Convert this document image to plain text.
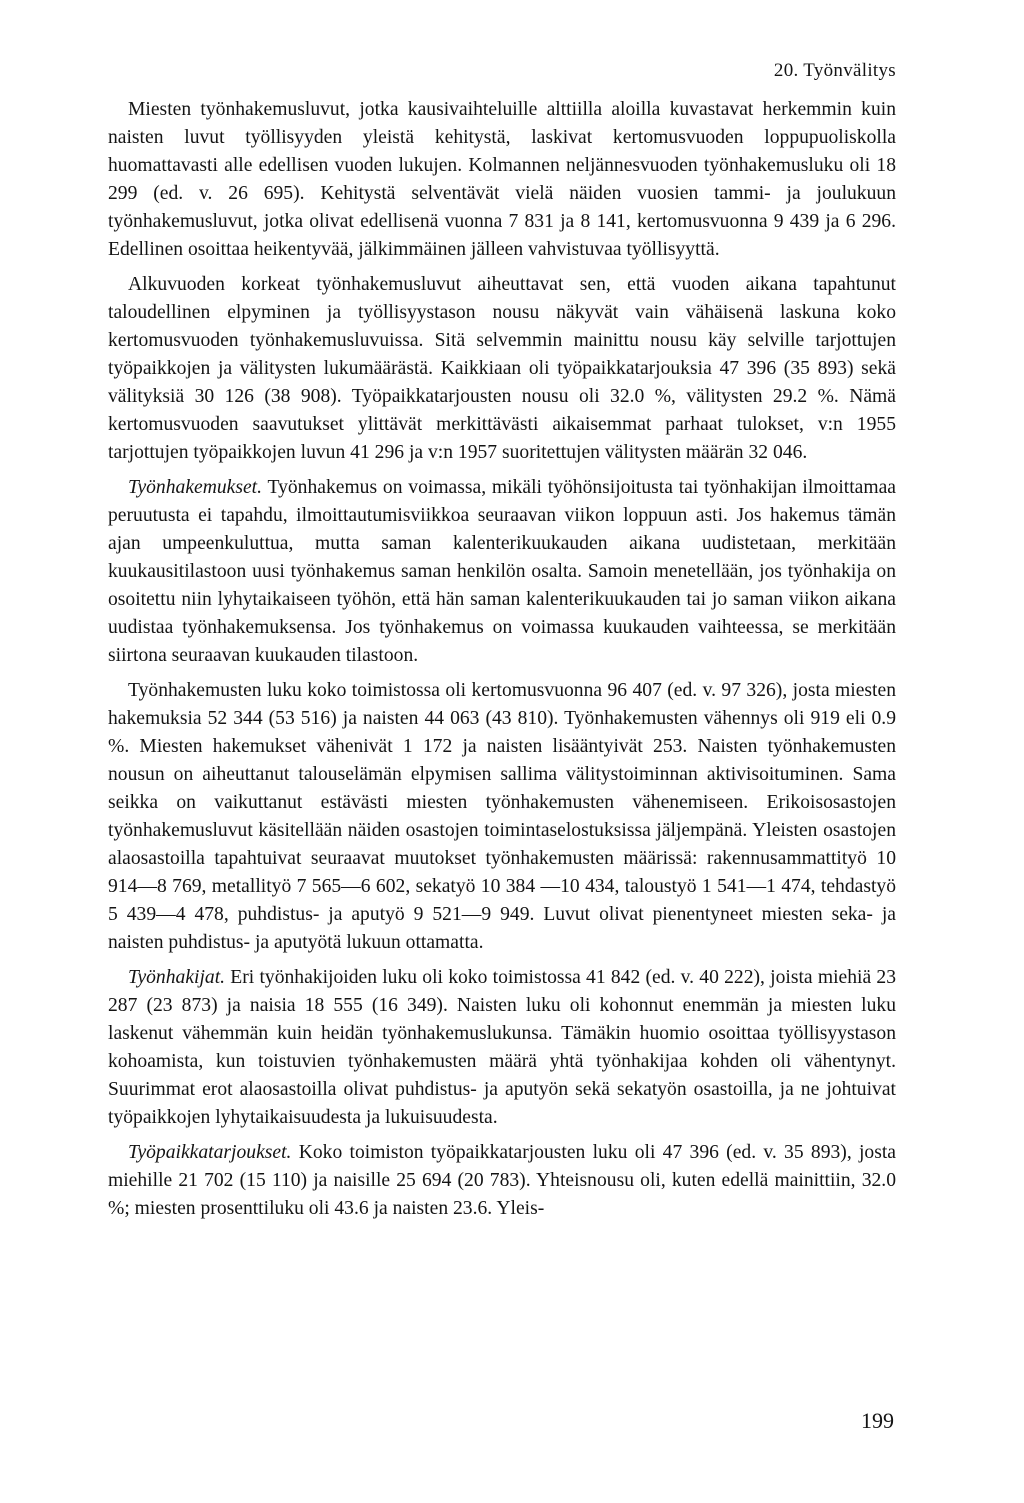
20. Työnvälitys

Miesten työnhakemusluvut, jotka kausivaihteluille alttiilla aloilla kuvastavat herkemmin kuin naisten luvut työllisyyden yleistä kehitystä, laskivat kertomusvuoden loppupuoliskolla huomattavasti alle edellisen vuoden lukujen. Kolmannen neljännesvuoden työnhakemusluku oli 18 299 (ed. v. 26 695). Kehitystä selventävät vielä näiden vuosien tammi- ja joulukuun työnhakemusluvut, jotka olivat edellisenä vuonna 7 831 ja 8 141, kertomusvuonna 9 439 ja 6 296. Edellinen osoittaa heikentyvää, jälkimmäinen jälleen vahvistuvaa työllisyyttä.

Alkuvuoden korkeat työnhakemusluvut aiheuttavat sen, että vuoden aikana tapahtunut taloudellinen elpyminen ja työllisyystason nousu näkyvät vain vähäisenä laskuna koko kertomusvuoden työnhakemusluvuissa. Sitä selvemmin mainittu nousu käy selville tarjottujen työpaikkojen ja välitysten lukumäärästä. Kaikkiaan oli työpaikkatarjouksia 47 396 (35 893) sekä välityksiä 30 126 (38 908). Työpaikkatarjousten nousu oli 32.0 %, välitysten 29.2 %. Nämä kertomusvuoden saavutukset ylittävät merkittävästi aikaisemmat parhaat tulokset, v:n 1955 tarjottujen työpaikkojen luvun 41 296 ja v:n 1957 suoritettujen välitysten määrän 32 046.

Työnhakemukset. Työnhakemus on voimassa, mikäli työhönsijoitusta tai työnhakijan ilmoittamaa peruutusta ei tapahdu, ilmoittautumisviikkoa seuraavan viikon loppuun asti. Jos hakemus tämän ajan umpeenkuluttua, mutta saman kalenterikuukauden aikana uudistetaan, merkitään kuukausitilastoon uusi työnhakemus saman henkilön osalta. Samoin menetellään, jos työnhakija on osoitettu niin lyhytaikaiseen työhön, että hän saman kalenterikuukauden tai jo saman viikon aikana uudistaa työnhakemuksensa. Jos työnhakemus on voimassa kuukauden vaihteessa, se merkitään siirtona seuraavan kuukauden tilastoon.

Työnhakemusten luku koko toimistossa oli kertomusvuonna 96 407 (ed. v. 97 326), josta miesten hakemuksia 52 344 (53 516) ja naisten 44 063 (43 810). Työnhakemusten vähennys oli 919 eli 0.9 %. Miesten hakemukset vähenivät 1 172 ja naisten lisääntyivät 253. Naisten työnhakemusten nousun on aiheuttanut talouselämän elpymisen sallima välitystoiminnan aktivisoituminen. Sama seikka on vaikuttanut estävästi miesten työnhakemusten vähenemiseen. Erikoisosastojen työnhakemusluvut käsitellään näiden osastojen toimintaselostuksissa jäljempänä. Yleisten osastojen alaosastoilla tapahtuivat seuraavat muutokset työnhakemusten määrissä: rakennusammattityö 10 914—8 769, metallityö 7 565—6 602, sekatyö 10 384 —10 434, taloustyö 1 541—1 474, tehdastyö 5 439—4 478, puhdistus- ja aputyö 9 521—9 949. Luvut olivat pienentyneet miesten seka- ja naisten puhdistus- ja aputyötä lukuun ottamatta.

Työnhakijat. Eri työnhakijoiden luku oli koko toimistossa 41 842 (ed. v. 40 222), joista miehiä 23 287 (23 873) ja naisia 18 555 (16 349). Naisten luku oli kohonnut enemmän ja miesten luku laskenut vähemmän kuin heidän työnhakemuslukunsa. Tämäkin huomio osoittaa työllisyystason kohoamista, kun toistuvien työnhakemusten määrä yhtä työnhakijaa kohden oli vähentynyt. Suurimmat erot alaosastoilla olivat puhdistus- ja aputyön sekä sekatyön osastoilla, ja ne johtuivat työpaikkojen lyhytaikaisuudesta ja lukuisuudesta.

Työpaikkatarjoukset. Koko toimiston työpaikkatarjousten luku oli 47 396 (ed. v. 35 893), josta miehille 21 702 (15 110) ja naisille 25 694 (20 783). Yhteisnousu oli, kuten edellä mainittiin, 32.0 %; miesten prosenttiluku oli 43.6 ja naisten 23.6. Yleis-

199
